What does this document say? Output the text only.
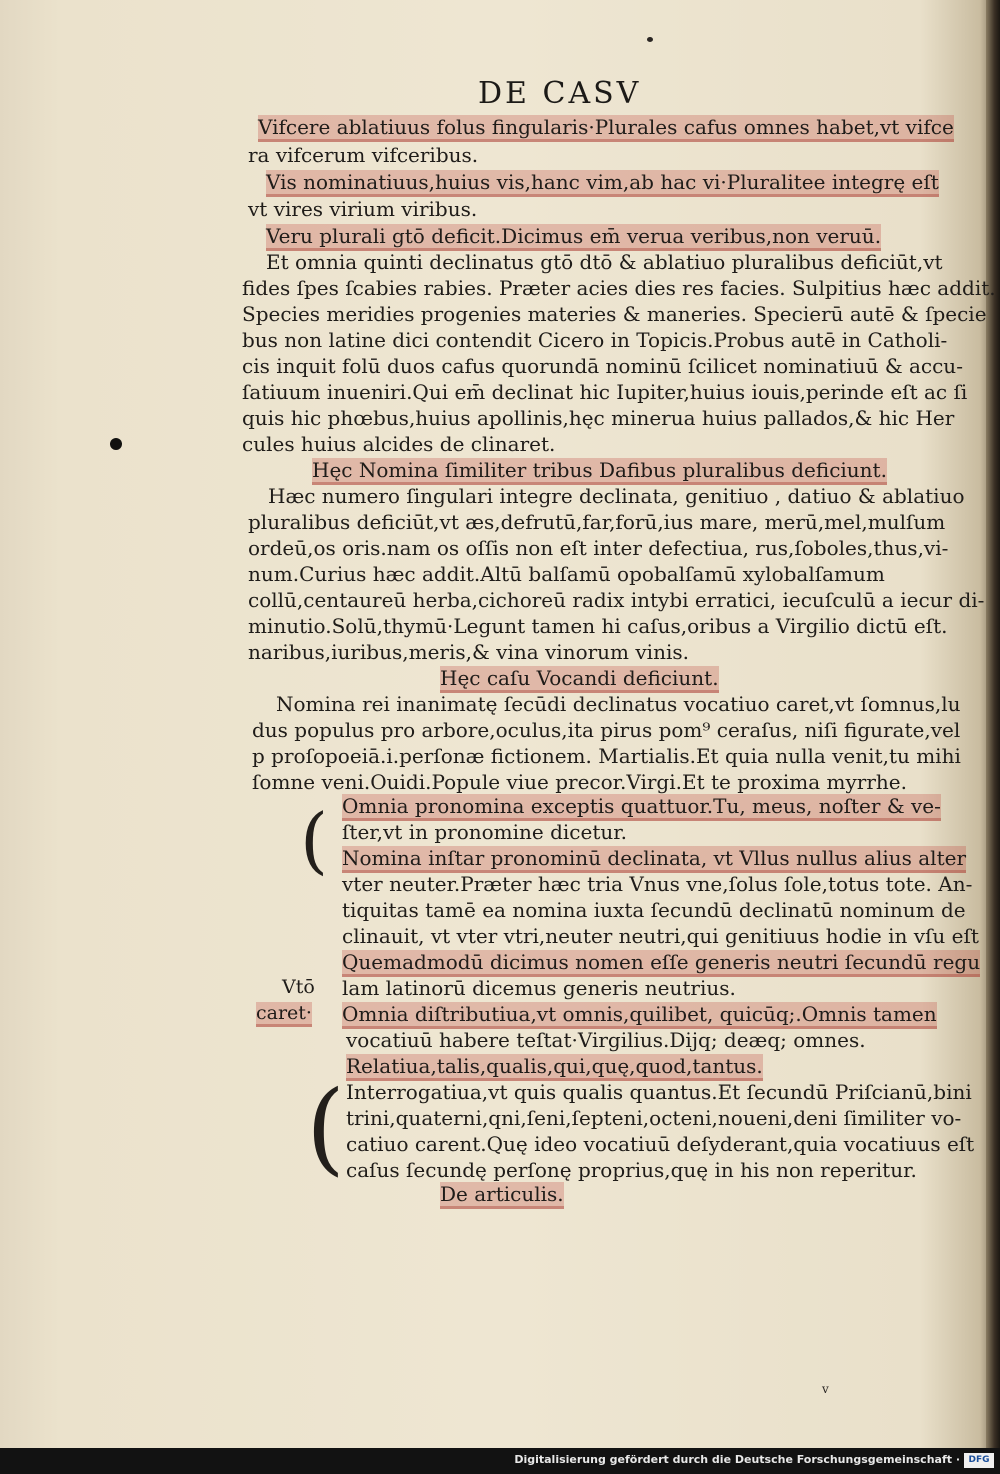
DE CASV
Vifcere ablatiuus folus fingularis·Plurales cafus omnes habet,vt vifce
ra vifcerum vifceribus.
Vis nominatiuus,huius vis,hanc vim,ab hac vi·Pluralitee integrę eſt
vt vires virium viribus.
Veru plurali gtō deficit.Dicimus em̄ verua veribus,non veruū.
Et omnia quinti declinatus gtō dtō & ablatiuo pluralibus deficiūt,vt
fides ſpes ſcabies rabies. Præter acies dies res facies. Sulpitius hæc addit.
Species meridies progenies materies & maneries. Specierū autē & ſpecie
bus non latine dici contendit Cicero in Topicis.Probus autē in Catholi-
cis inquit folū duos cafus quorundā nominū ſcilicet nominatiuū & accu-
ſatiuum inueniri.Qui em̄ declinat hic Iupiter,huius iouis,perinde eſt ac ſi
quis hic phœbus,huius apollinis,hęc minerua huius pallados,& hic Her
cules huius alcides de clinaret.
Hęc Nomina ſimiliter tribus Dafibus pluralibus deficiunt.
Hæc numero ſingulari integre declinata, genitiuo , datiuo & ablatiuo
pluralibus deficiūt,vt æs,defrutū,far,forū,ius mare, merū,mel,mulſum
ordeū,os oris.nam os oſſis non eſt inter defectiua, rus,ſoboles,thus,vi-
num.Curius hæc addit.Altū balſamū opobalſamū xylobalſamum
collū,centaureū herba,cichoreū radix intybi erratici, iecuſculū a iecur di-
minutio.Solū,thymū·Legunt tamen hi caſus,oribus a Virgilio dictū eſt.
naribus,iuribus,meris,& vina vinorum vinis.
Hęc caſu Vocandi deficiunt.
Nomina rei inanimatę ſecūdi declinatus vocatiuo caret,vt ſomnus,lu
dus populus pro arbore,oculus,ita pirus pom⁹ ceraſus, niſi figurate,vel
p proſopoeiā.i.perſonæ fictionem. Martialis.Et quia nulla venit,tu mihi
ſomne veni.Ouidi.Popule viue precor.Virgi.Et te proxima myrrhe.
( Omnia pronomina exceptis quattuor.Tu, meus, noſter & ve-
ſter,vt in pronomine dicetur.
Nomina inſtar pronominū declinata, vt Vllus nullus alius alter
vter neuter.Præter hæc tria Vnus vne,ſolus ſole,totus tote. An-
tiquitas tamē ea nomina iuxta ſecundū declinatū nominum de
clinauit, vt vter vtri,neuter neutri,qui genitiuus hodie in vſu eſt
Quemadmodū dicimus nomen eſſe generis neutri ſecundū regu
lam latinorū dicemus generis neutrius.
Vtō
caret· Omnia diſtributiua,vt omnis,quilibet, quicūq;.Omnis tamen
vocatiuū habere teſtat·Virgilius.Dijq; deæq; omnes.
Relatiua,talis,qualis,qui,quę,quod,tantus.
( Interrogatiua,vt quis qualis quantus.Et ſecundū Priſcianū,bini
trini,quaterni,qni,ſeni,ſepteni,octeni,noueni,deni ſimiliter vo-
catiuo carent.Quę ideo vocatiuū deſyderant,quia vocatiuus eſt
caſus ſecundę perſonę proprius,quę in his non reperitur.
De articulis.
v
Digitalisierung gefördert durch die Deutsche Forschungsgemeinschaft · DFG
